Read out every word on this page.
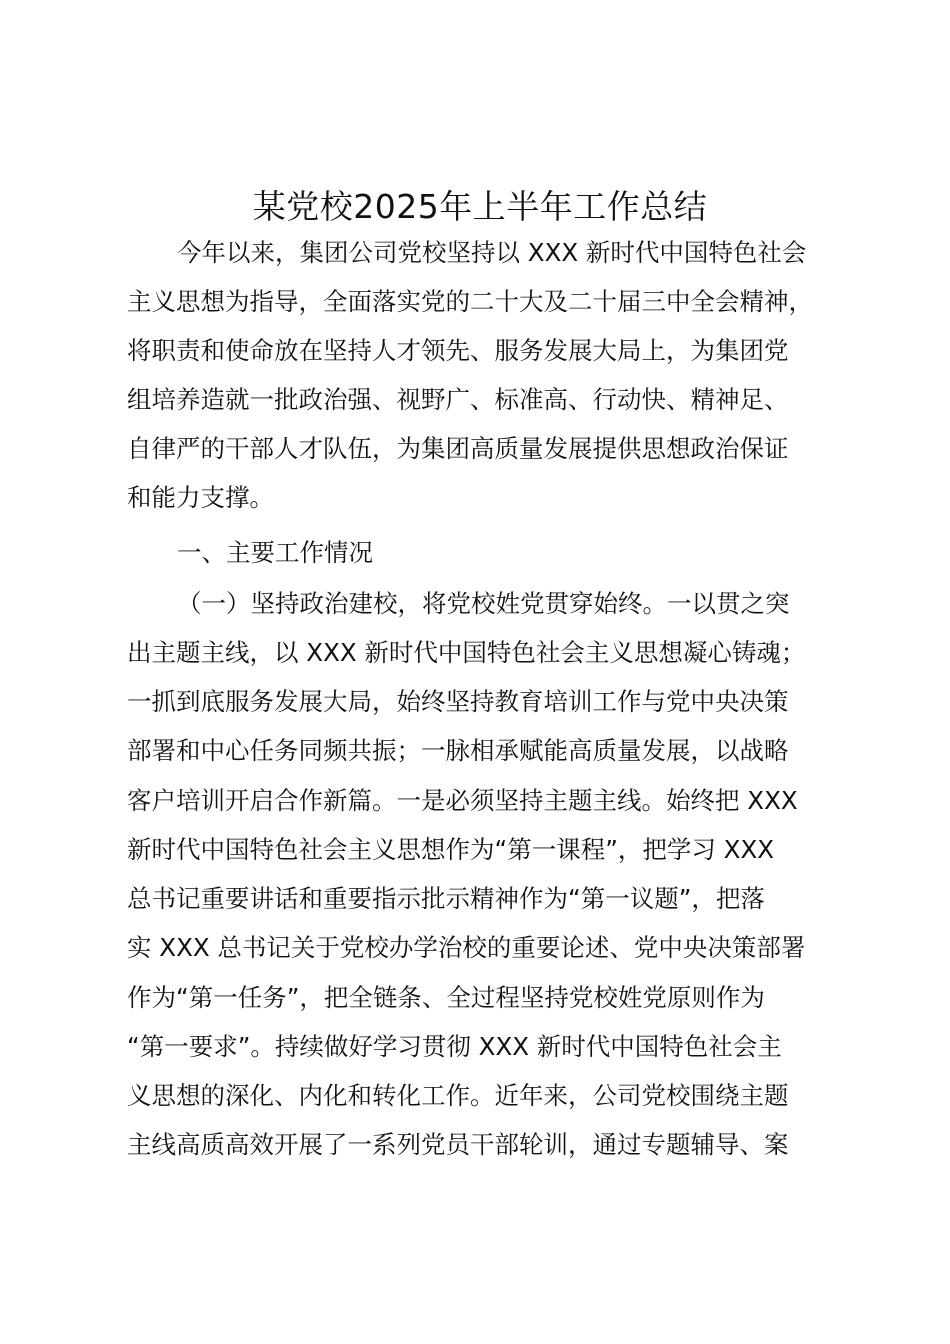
某党校2025年上半年工作总结
今年以来，集团公司党校坚持以 XXX 新时代中国特色社会
主义思想为指导，全面落实党的二十大及二十届三中全会精神，
将职责和使命放在坚持人才领先、服务发展大局上，为集团党
组培养造就一批政治强、视野广、标准高、行动快、精神足、
自律严的干部人才队伍，为集团高质量发展提供思想政治保证
和能力支撑。
一、主要工作情况
（一）坚持政治建校，将党校姓党贯穿始终。一以贯之突
出主题主线，以 XXX 新时代中国特色社会主义思想凝心铸魂；
一抓到底服务发展大局，始终坚持教育培训工作与党中央决策
部署和中心任务同频共振；一脉相承赋能高质量发展，以战略
客户培训开启合作新篇。一是必须坚持主题主线。始终把 XXX
新时代中国特色社会主义思想作为“第一课程”，把学习 XXX
总书记重要讲话和重要指示批示精神作为“第一议题”，把落
实 XXX 总书记关于党校办学治校的重要论述、党中央决策部署
作为“第一任务”，把全链条、全过程坚持党校姓党原则作为
“第一要求”。持续做好学习贯彻 XXX 新时代中国特色社会主
义思想的深化、内化和转化工作。近年来，公司党校围绕主题
主线高质高效开展了一系列党员干部轮训，通过专题辅导、案
